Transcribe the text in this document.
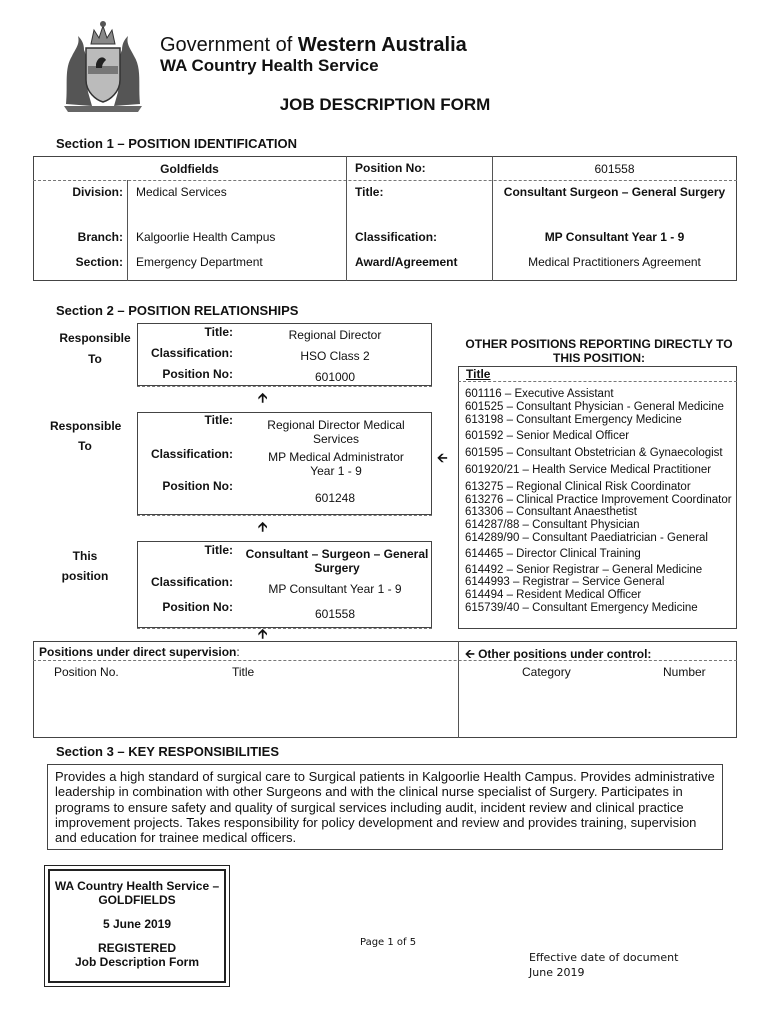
Government of Western Australia
WA Country Health Service
JOB DESCRIPTION FORM
Section 1 – POSITION IDENTIFICATION
Goldfields	Position No:	601558
Division: Medical Services	Title:	Consultant Surgeon – General Surgery
Branch: Kalgoorlie Health Campus	Classification:	MP Consultant Year 1 - 9
Section: Emergency Department	Award/Agreement	Medical Practitioners Agreement
Section 2 – POSITION RELATIONSHIPS
Responsible
To
Title:	Regional Director
Classification:	HSO Class 2
Position No:	601000
🡩
Responsible
To
Title:	Regional Director Medical Services
Classification:	MP Medical Administrator Year 1 - 9
Position No:
601248
🡨
🡩
This
position
Title:	Consultant – Surgeon – General Surgery
Classification:	MP Consultant Year 1 - 9
Position No:	601558
🡩
OTHER POSITIONS REPORTING DIRECTLY TO THIS POSITION:
Title
601116 – Executive Assistant
601525 – Consultant Physician - General Medicine
613198 – Consultant Emergency Medicine
601592 – Senior Medical Officer
601595 – Consultant Obstetrician & Gynaecologist
601920/21 – Health Service Medical Practitioner
613275 – Regional Clinical Risk Coordinator
613276 – Clinical Practice Improvement Coordinator
613306 – Consultant Anaesthetist
614287/88 – Consultant Physician
614289/90 – Consultant Paediatrician - General
614465 – Director Clinical Training
614492 – Senior Registrar – General Medicine
6144993 – Registrar – Service General
614494 – Resident Medical Officer
615739/40 – Consultant Emergency Medicine
Positions under direct supervision:
Position No.	Title
🡨 Other positions under control:
Category	Number
Section 3 – KEY RESPONSIBILITIES
Provides a high standard of surgical care to Surgical patients in Kalgoorlie Health Campus. Provides administrative leadership in combination with other Surgeons and with the clinical nurse specialist of Surgery. Participates in programs to ensure safety and quality of surgical services including audit, incident review and clinical practice improvement projects. Takes responsibility for policy development and review and provides training, supervision and education for trainee medical officers.
WA Country Health Service –
GOLDFIELDS
5 June 2019
REGISTERED
Job Description Form
Page 1 of 5
Effective date of document
June 2019
